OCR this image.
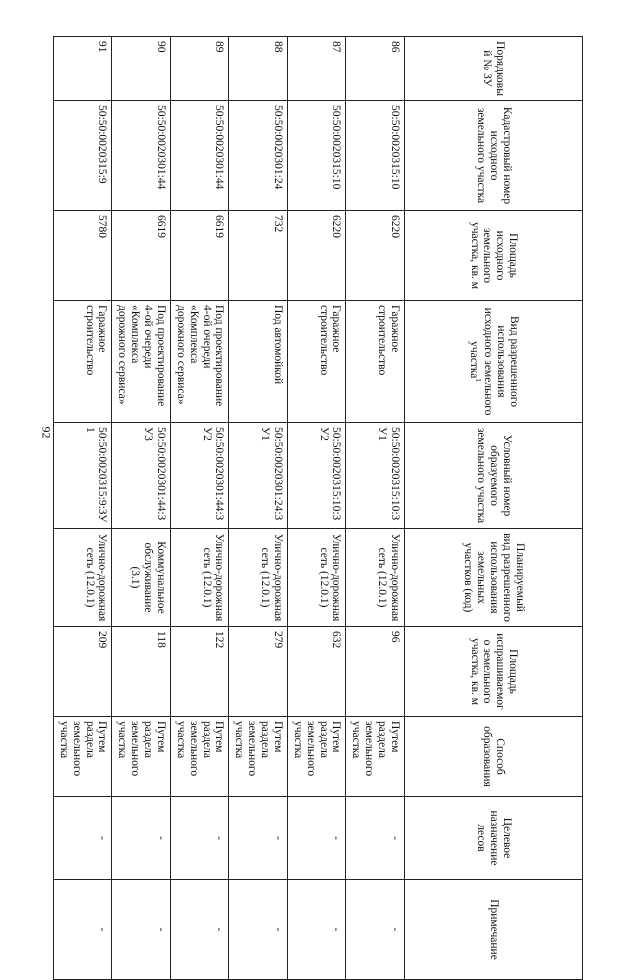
92
Порядковый № ЗУ	Кадастровый номер исходного земельного участка	Площадь исходного земельного участка, кв. м	Вид разрешенного использования исходного земельного участка$^1$	Условный номер образуемого земельного участка	Планируемый вид разрешенного использования земельных участков (код)	Площадь испрашиваемого земельного участка, кв. м	Способ образования	Целевое назначение лесов	Примечание
86	50:50:0020315:10	6220	Гаражное строительство	50:50:0020315:10:ЗУ1	Улично-дорожная сеть (12.0.1)	96	Путем раздела земельного участка	-	-
87	50:50:0020315:10	6220	Гаражное строительство	50:50:0020315:10:ЗУ2	Улично-дорожная сеть (12.0.1)	632	Путем раздела земельного участка	-	-
88	50:50:0020301:24	732	Под автомойкой	50:50:0020301:24:ЗУ1	Улично-дорожная сеть (12.0.1)	279	Путем раздела земельного участка	-	-
89	50:50:0020301:44	6619	Под проектирование 4-ой очереди «Комплекса дорожного сервиса»	50:50:0020301:44:ЗУ2	Улично-дорожная сеть (12.0.1)	122	Путем раздела земельного участка	-	-
90	50:50:0020301:44	6619	Под проектирование 4-ой очереди «Комплекса дорожного сервиса»	50:50:0020301:44:ЗУ3	Коммунальное обслуживание (3.1)	118	Путем раздела земельного участка	-	-
91	50:50:0020315:9	5780	Гаражное строительство	50:50:0020315:9:ЗУ1	Улично-дорожная сеть (12.0.1)	209	Путем раздела земельного участка	-	-
